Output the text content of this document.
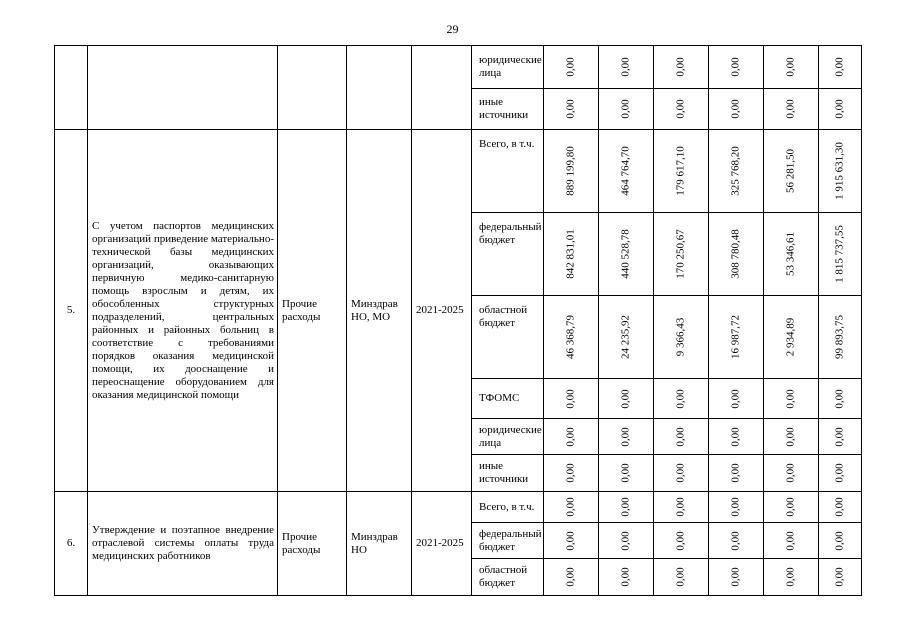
29
					юридические лица	0,00	0,00	0,00	0,00	0,00	0,00

					иные источники	0,00	0,00	0,00	0,00	0,00	0,00

5.	С учетом паспортов медицинских организаций приведение материально-технической базы медицинских организаций, оказывающих первичную медико-санитарную помощь взрослым и детям, их обособленных структурных подразделений, центральных районных и районных больниц в соответствие с требованиями порядков оказания медицинской помощи, их дооснащение и переоснащение оборудованием для оказания медицинской помощи	Прочие расходы	Минздрав НО, МО	2021-2025	Всего, в т.ч.	889 199,80	464 764,70	179 617,10	325 768,20	56 281,50	1 915 631,30

					федеральный бюджет	842 831,01	440 528,78	170 250,67	308 780,48	53 346,61	1 815 737,55

					областной бюджет	46 368,79	24 235,92	9 366,43	16 987,72	2 934,89	99 893,75

					ТФОМС	0,00	0,00	0,00	0,00	0,00	0,00

					юридические лица	0,00	0,00	0,00	0,00	0,00	0,00

					иные источники	0,00	0,00	0,00	0,00	0,00	0,00

6.	Утверждение и поэтапное внедрение отраслевой системы оплаты труда медицинских работников	Прочие расходы	Минздрав НО	2021-2025	Всего, в т.ч.	0,00	0,00	0,00	0,00	0,00	0,00

					федеральный бюджет	0,00	0,00	0,00	0,00	0,00	0,00

					областной бюджет	0,00	0,00	0,00	0,00	0,00	0,00
